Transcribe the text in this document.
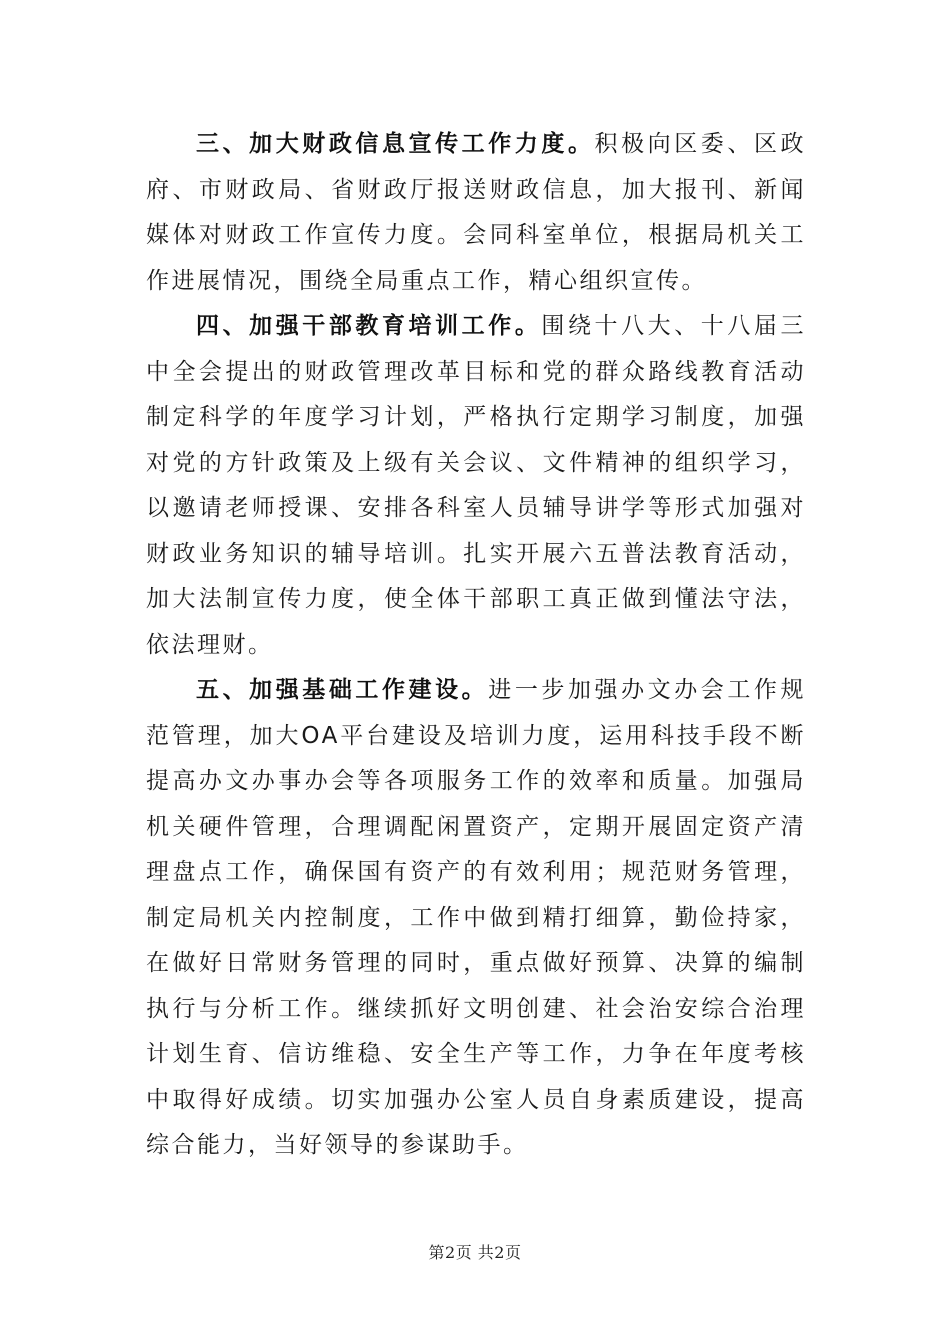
三、加大财政信息宣传工作力度。积极向区委、区政府、市财政局、省财政厅报送财政信息，加大报刊、新闻媒体对财政工作宣传力度。会同科室单位，根据局机关工作进展情况，围绕全局重点工作，精心组织宣传。

四、加强干部教育培训工作。围绕十八大、十八届三中全会提出的财政管理改革目标和党的群众路线教育活动制定科学的年度学习计划，严格执行定期学习制度，加强对党的方针政策及上级有关会议、文件精神的组织学习，以邀请老师授课、安排各科室人员辅导讲学等形式加强对财政业务知识的辅导培训。扎实开展六五普法教育活动，加大法制宣传力度，使全体干部职工真正做到懂法守法，依法理财。

五、加强基础工作建设。进一步加强办文办会工作规范管理，加大OA平台建设及培训力度，运用科技手段不断提高办文办事办会等各项服务工作的效率和质量。加强局机关硬件管理，合理调配闲置资产，定期开展固定资产清理盘点工作，确保国有资产的有效利用；规范财务管理，制定局机关内控制度，工作中做到精打细算，勤俭持家，在做好日常财务管理的同时，重点做好预算、决算的编制执行与分析工作。继续抓好文明创建、社会治安综合治理计划生育、信访维稳、安全生产等工作，力争在年度考核中取得好成绩。切实加强办公室人员自身素质建设，提高综合能力，当好领导的参谋助手。

第2页 共2页
